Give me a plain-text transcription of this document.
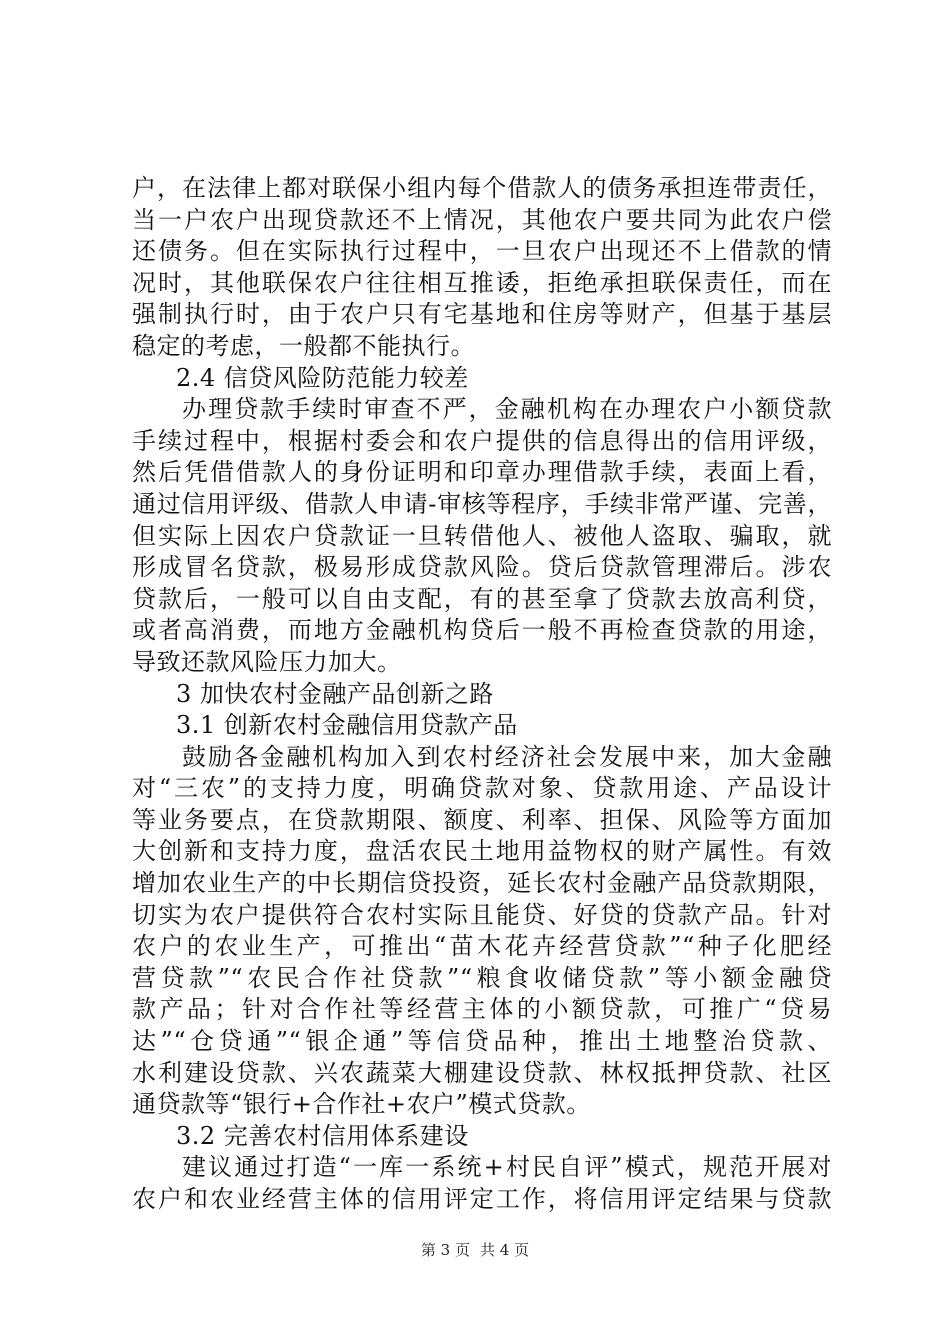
户，在法律上都对联保小组内每个借款人的债务承担连带责任，
当一户农户出现贷款还不上情况，其他农户要共同为此农户偿
还债务。但在实际执行过程中，一旦农户出现还不上借款的情
况时，其他联保农户往往相互推诿，拒绝承担联保责任，而在
强制执行时，由于农户只有宅基地和住房等财产，但基于基层
稳定的考虑，一般都不能执行。
2.4 信贷风险防范能力较差
办理贷款手续时审查不严，金融机构在办理农户小额贷款
手续过程中，根据村委会和农户提供的信息得出的信用评级，
然后凭借借款人的身份证明和印章办理借款手续，表面上看，
通过信用评级、借款人申请-审核等程序，手续非常严谨、完善，
但实际上因农户贷款证一旦转借他人、被他人盗取、骗取，就
形成冒名贷款，极易形成贷款风险。贷后贷款管理滞后。涉农
贷款后，一般可以自由支配，有的甚至拿了贷款去放高利贷，
或者高消费，而地方金融机构贷后一般不再检查贷款的用途，
导致还款风险压力加大。
3 加快农村金融产品创新之路
3.1 创新农村金融信用贷款产品
鼓励各金融机构加入到农村经济社会发展中来，加大金融
对“三农”的支持力度，明确贷款对象、贷款用途、产品设计
等业务要点，在贷款期限、额度、利率、担保、风险等方面加
大创新和支持力度，盘活农民土地用益物权的财产属性。有效
增加农业生产的中长期信贷投资，延长农村金融产品贷款期限，
切实为农户提供符合农村实际且能贷、好贷的贷款产品。针对
农户的农业生产，可推出“苗木花卉经营贷款”“种子化肥经
营贷款”“农民合作社贷款”“粮食收储贷款”等小额金融贷
款产品；针对合作社等经营主体的小额贷款，可推广“贷易
达”“仓贷通”“银企通”等信贷品种，推出土地整治贷款、
水利建设贷款、兴农蔬菜大棚建设贷款、林权抵押贷款、社区
通贷款等“银行+合作社+农户”模式贷款。
3.2 完善农村信用体系建设
建议通过打造“一库一系统+村民自评”模式，规范开展对
农户和农业经营主体的信用评定工作，将信用评定结果与贷款
第 3 页 共 4 页
